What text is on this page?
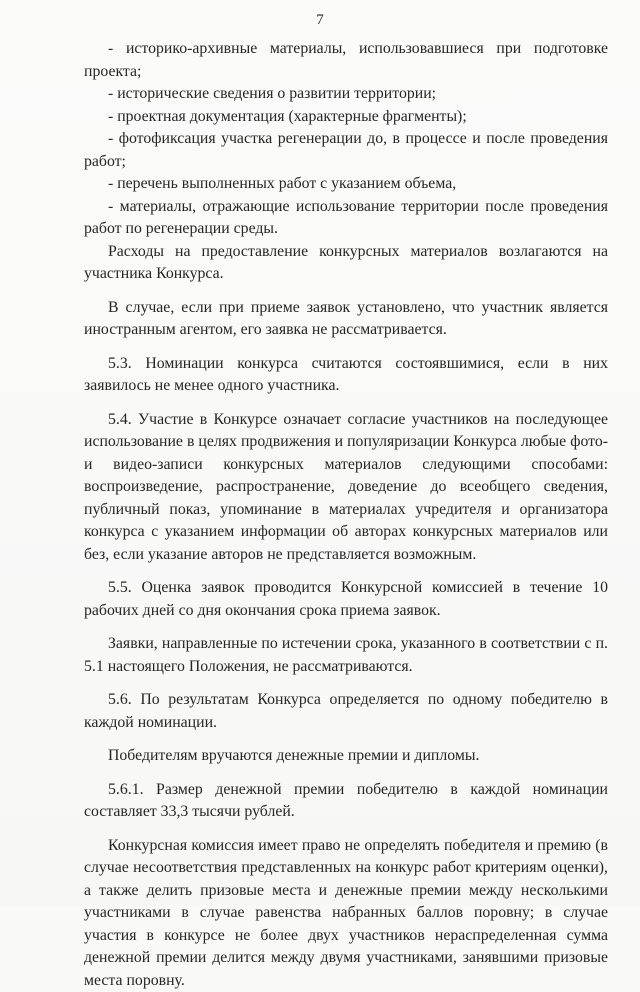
7

- историко-архивные материалы, использовавшиеся при подготовке проекта;

- исторические сведения о развитии территории;

- проектная документация (характерные фрагменты);

- фотофиксация участка регенерации до, в процессе и после проведения работ;

- перечень выполненных работ с указанием объема,

- материалы, отражающие использование территории после проведения работ по регенерации среды.

Расходы на предоставление конкурсных материалов возлагаются на участника Конкурса.

В случае, если при приеме заявок установлено, что участник является иностранным агентом, его заявка не рассматривается.

5.3. Номинации конкурса считаются состоявшимися, если в них заявилось не менее одного участника.

5.4. Участие в Конкурсе означает согласие участников на последующее использование в целях продвижения и популяризации Конкурса любые фото- и видео-записи конкурсных материалов следующими способами: воспроизведение, распространение, доведение до всеобщего сведения, публичный показ, упоминание в материалах учредителя и организатора конкурса с указанием информации об авторах конкурсных материалов или без, если указание авторов не представляется возможным.

5.5. Оценка заявок проводится Конкурсной комиссией в течение 10 рабочих дней со дня окончания срока приема заявок.

Заявки, направленные по истечении срока, указанного в соответствии с п. 5.1 настоящего Положения, не рассматриваются.

5.6. По результатам Конкурса определяется по одному победителю в каждой номинации.

Победителям вручаются денежные премии и дипломы.

5.6.1. Размер денежной премии победителю в каждой номинации составляет 33,3 тысячи рублей.

Конкурсная комиссия имеет право не определять победителя и премию (в случае несоответствия представленных на конкурс работ критериям оценки), а также делить призовые места и денежные премии между несколькими участниками в случае равенства набранных баллов поровну; в случае участия в конкурсе не более двух участников нераспределенная сумма денежной премии делится между двумя участниками, занявшими призовые места поровну.
